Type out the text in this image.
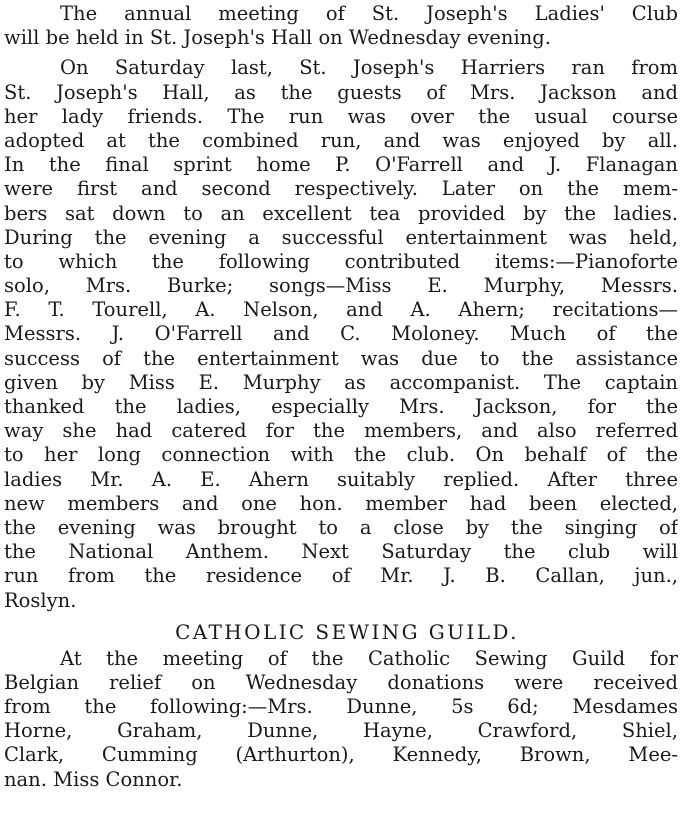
The annual meeting of St. Joseph's Ladies' Club
will be held in St. Joseph's Hall on Wednesday evening.
On Saturday last, St. Joseph's Harriers ran from
St. Joseph's Hall, as the guests of Mrs. Jackson and
her lady friends. The run was over the usual course
adopted at the combined run, and was enjoyed by all.
In the final sprint home P. O'Farrell and J. Flanagan
were first and second respectively. Later on the mem-
bers sat down to an excellent tea provided by the ladies.
During the evening a successful entertainment was held,
to which the following contributed items:—Pianoforte
solo, Mrs. Burke; songs—Miss E. Murphy, Messrs.
F. T. Tourell, A. Nelson, and A. Ahern; recitations—
Messrs. J. O'Farrell and C. Moloney. Much of the
success of the entertainment was due to the assistance
given by Miss E. Murphy as accompanist. The captain
thanked the ladies, especially Mrs. Jackson, for the
way she had catered for the members, and also referred
to her long connection with the club. On behalf of the
ladies Mr. A. E. Ahern suitably replied. After three
new members and one hon. member had been elected,
the evening was brought to a close by the singing of
the National Anthem. Next Saturday the club will
run from the residence of Mr. J. B. Callan, jun.,
Roslyn.
CATHOLIC SEWING GUILD.
At the meeting of the Catholic Sewing Guild for
Belgian relief on Wednesday donations were received
from the following:—Mrs. Dunne, 5s 6d; Mesdames
Horne, Graham, Dunne, Hayne, Crawford, Shiel,
Clark, Cumming (Arthurton), Kennedy, Brown, Mee-
nan. Miss Connor.
